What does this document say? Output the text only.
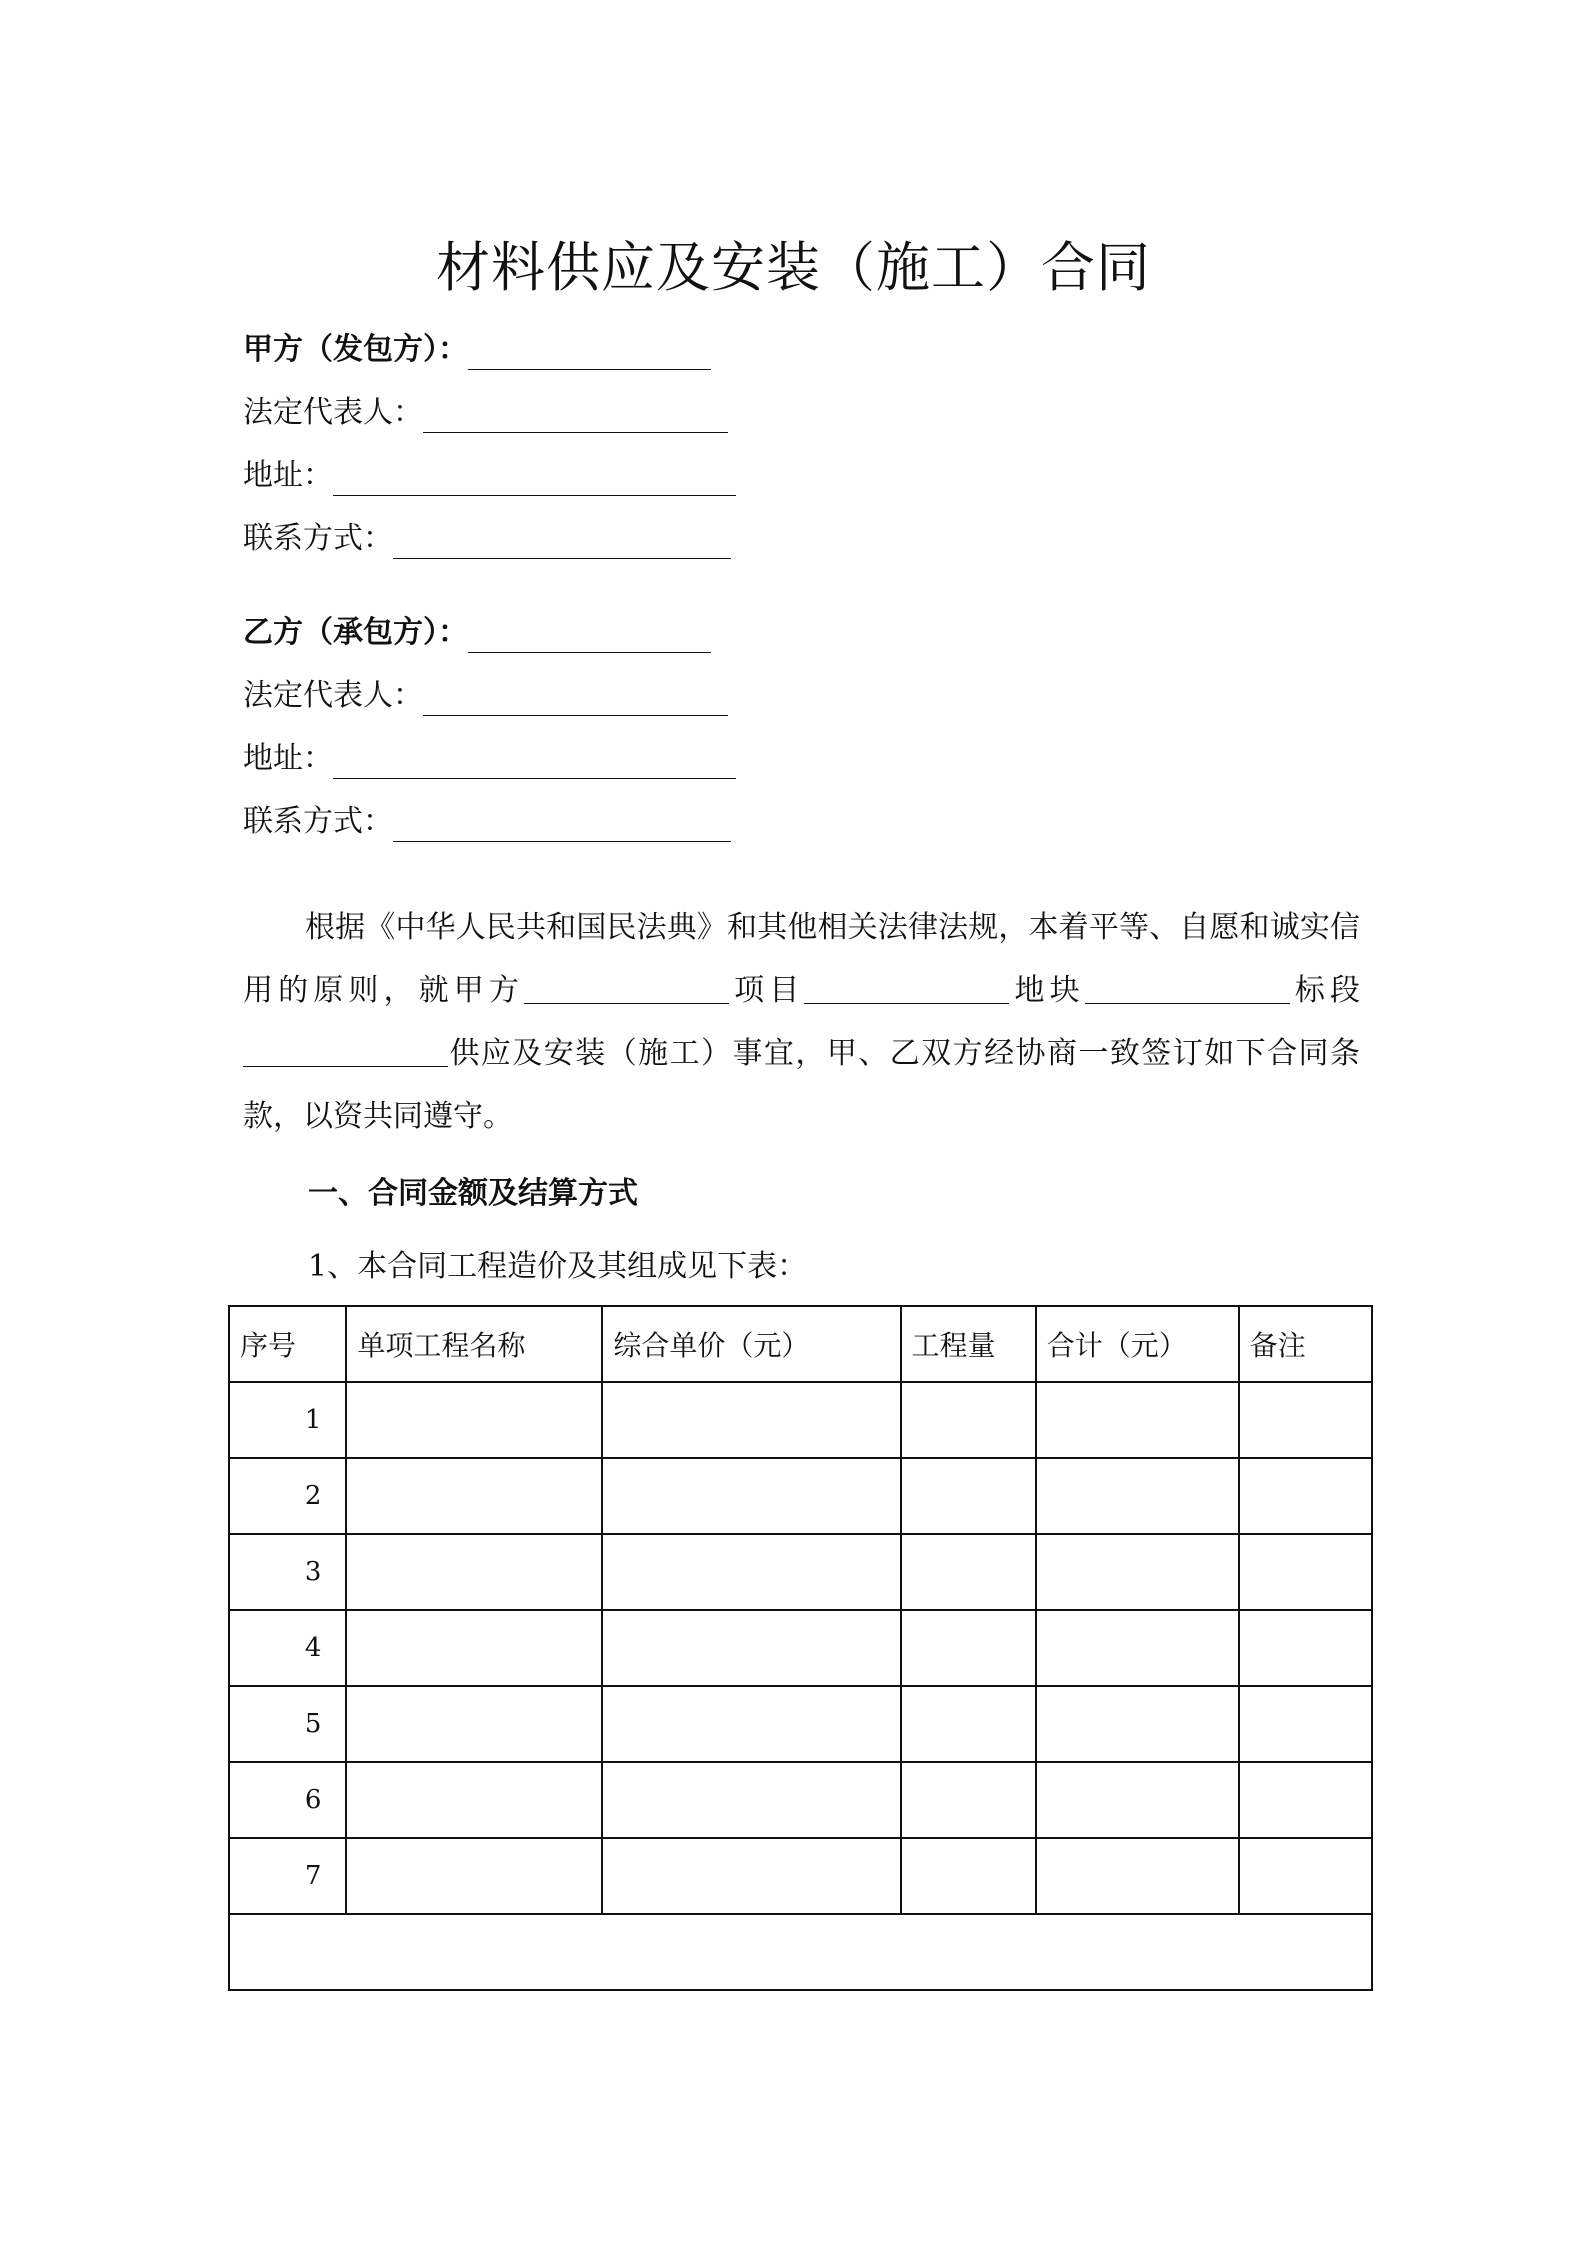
材料供应及安装（施工）合同
甲方（发包方）：
法定代表人：
地址：
联系方式：
乙方（承包方）：
法定代表人：
地址：
联系方式：
根据《中华人民共和国民法典》和其他相关法律法规，本着平等、自愿和诚实信用的原则，就甲方	项目	地块	标段供应及安装（施工）事宜，甲、乙双方经协商一致签订如下合同条款，以资共同遵守。
一、合同金额及结算方式
1、本合同工程造价及其组成见下表：
序号	单项工程名称	综合单价（元）	工程量	合计（元）	备注
1					
2					
3					
4					
5					
6					
7					
